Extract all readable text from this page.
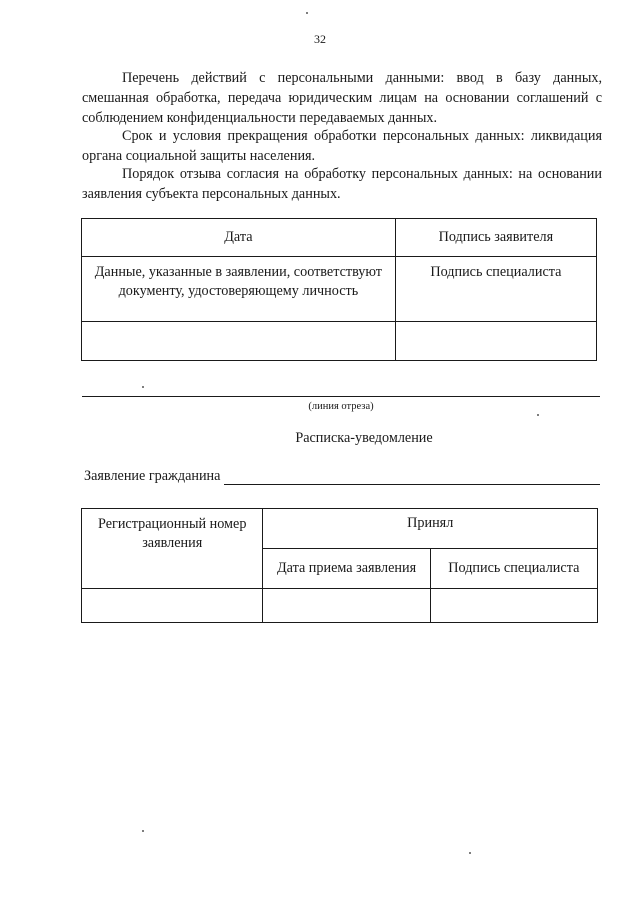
32

Перечень действий с персональными данными: ввод в базу данных, смешанная обработка, передача юридическим лицам на основании соглашений с соблюдением конфиденциальности передаваемых данных.

Срок и условия прекращения обработки персональных данных: ликвидация органа социальной защиты населения.

Порядок отзыва согласия на обработку персональных данных: на основании заявления субъекта персональных данных.

Дата	Подпись заявителя
Данные, указанные в заявлении, соответствуют документу, удостоверяющему личность	Подпись специалиста

(линия отреза)
Расписка-уведомление
Заявление гражданина
Регистрационный номер заявления	Принял	
	Дата приема заявления	Подпись специалиста
